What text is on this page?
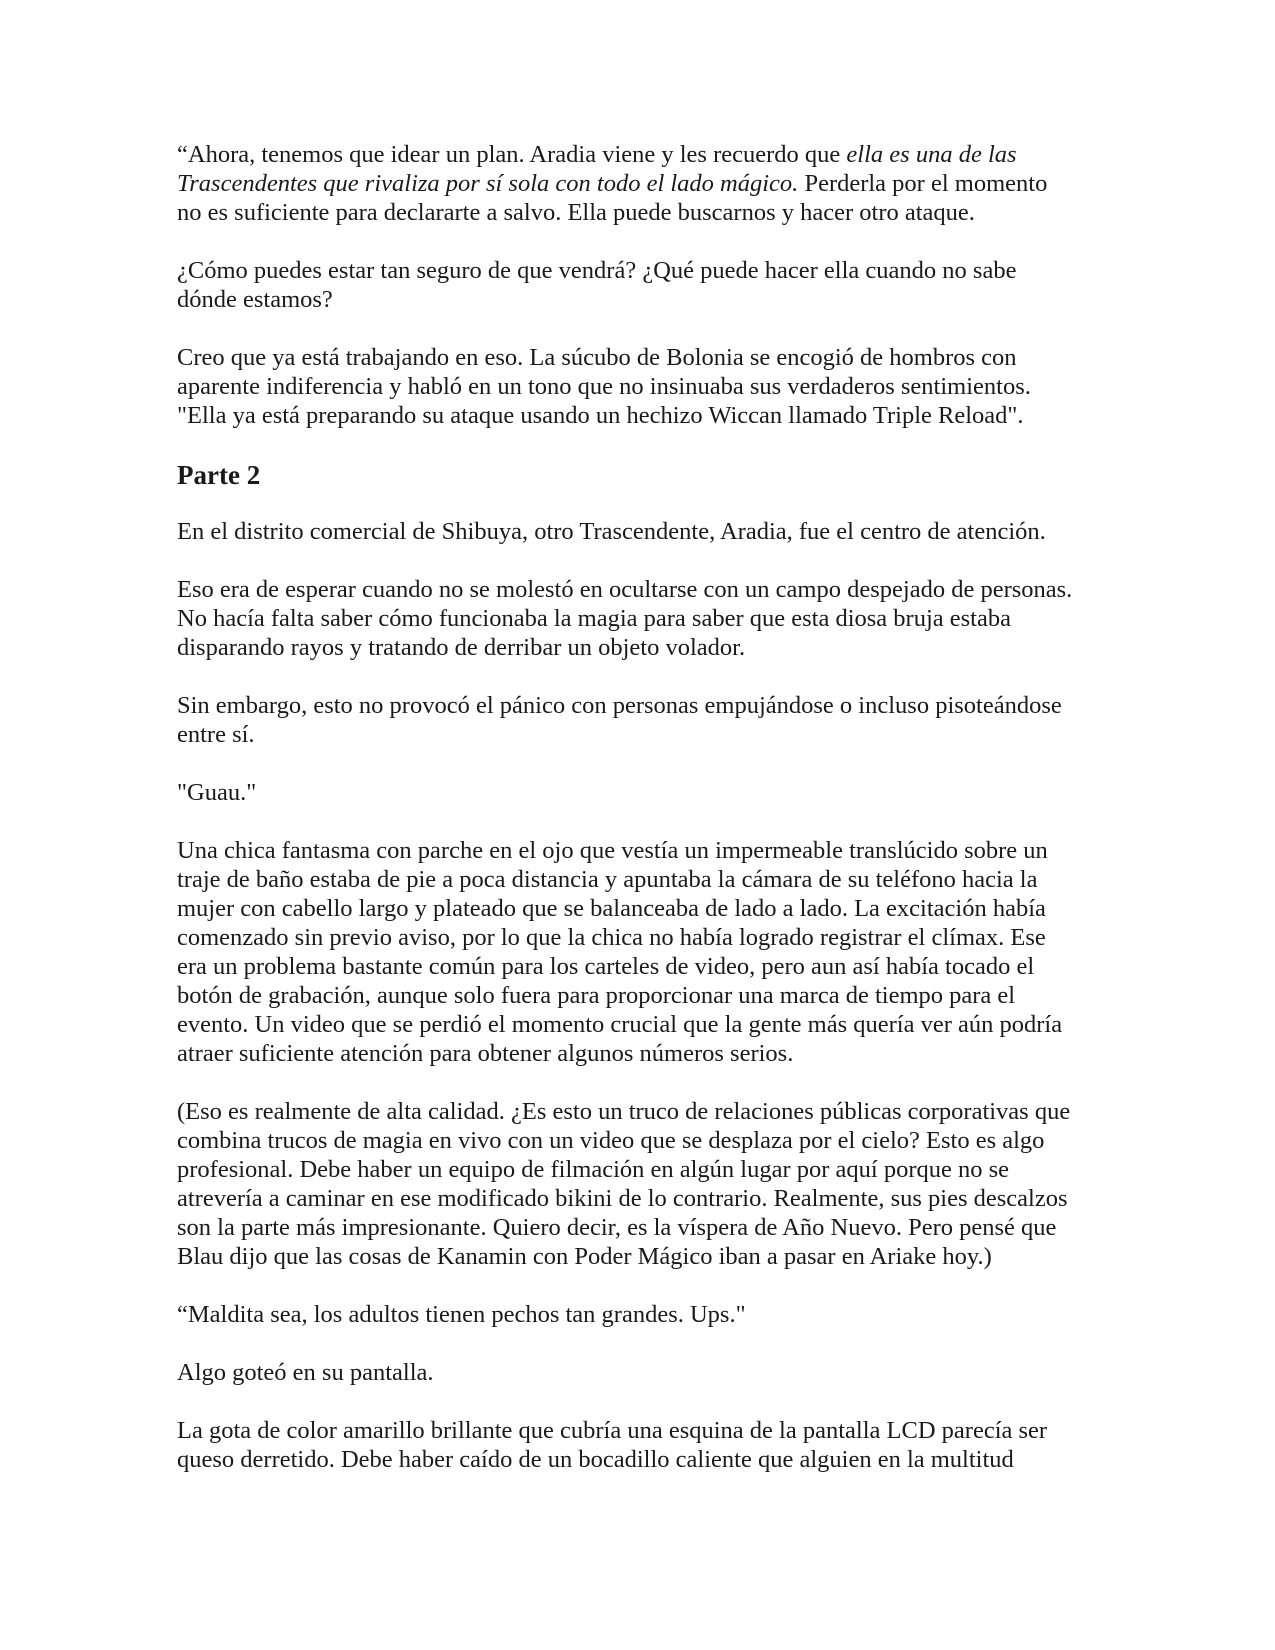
“Ahora, tenemos que idear un plan. Aradia viene y les recuerdo que ella es una de las
Trascendentes que rivaliza por sí sola con todo el lado mágico. Perderla por el momento
no es suficiente para declararte a salvo. Ella puede buscarnos y hacer otro ataque.

¿Cómo puedes estar tan seguro de que vendrá? ¿Qué puede hacer ella cuando no sabe
dónde estamos?

Creo que ya está trabajando en eso. La súcubo de Bolonia se encogió de hombros con
aparente indiferencia y habló en un tono que no insinuaba sus verdaderos sentimientos.
"Ella ya está preparando su ataque usando un hechizo Wiccan llamado Triple Reload".

Parte 2

En el distrito comercial de Shibuya, otro Trascendente, Aradia, fue el centro de atención.

Eso era de esperar cuando no se molestó en ocultarse con un campo despejado de personas.
No hacía falta saber cómo funcionaba la magia para saber que esta diosa bruja estaba
disparando rayos y tratando de derribar un objeto volador.

Sin embargo, esto no provocó el pánico con personas empujándose o incluso pisoteándose
entre sí.

"Guau."

Una chica fantasma con parche en el ojo que vestía un impermeable translúcido sobre un
traje de baño estaba de pie a poca distancia y apuntaba la cámara de su teléfono hacia la
mujer con cabello largo y plateado que se balanceaba de lado a lado. La excitación había
comenzado sin previo aviso, por lo que la chica no había logrado registrar el clímax. Ese
era un problema bastante común para los carteles de video, pero aun así había tocado el
botón de grabación, aunque solo fuera para proporcionar una marca de tiempo para el
evento. Un video que se perdió el momento crucial que la gente más quería ver aún podría
atraer suficiente atención para obtener algunos números serios.

(Eso es realmente de alta calidad. ¿Es esto un truco de relaciones públicas corporativas que
combina trucos de magia en vivo con un video que se desplaza por el cielo? Esto es algo
profesional. Debe haber un equipo de filmación en algún lugar por aquí porque no se
atrevería a caminar en ese modificado bikini de lo contrario. Realmente, sus pies descalzos
son la parte más impresionante. Quiero decir, es la víspera de Año Nuevo. Pero pensé que
Blau dijo que las cosas de Kanamin con Poder Mágico iban a pasar en Ariake hoy.)

“Maldita sea, los adultos tienen pechos tan grandes. Ups."

Algo goteó en su pantalla.

La gota de color amarillo brillante que cubría una esquina de la pantalla LCD parecía ser
queso derretido. Debe haber caído de un bocadillo caliente que alguien en la multitud
